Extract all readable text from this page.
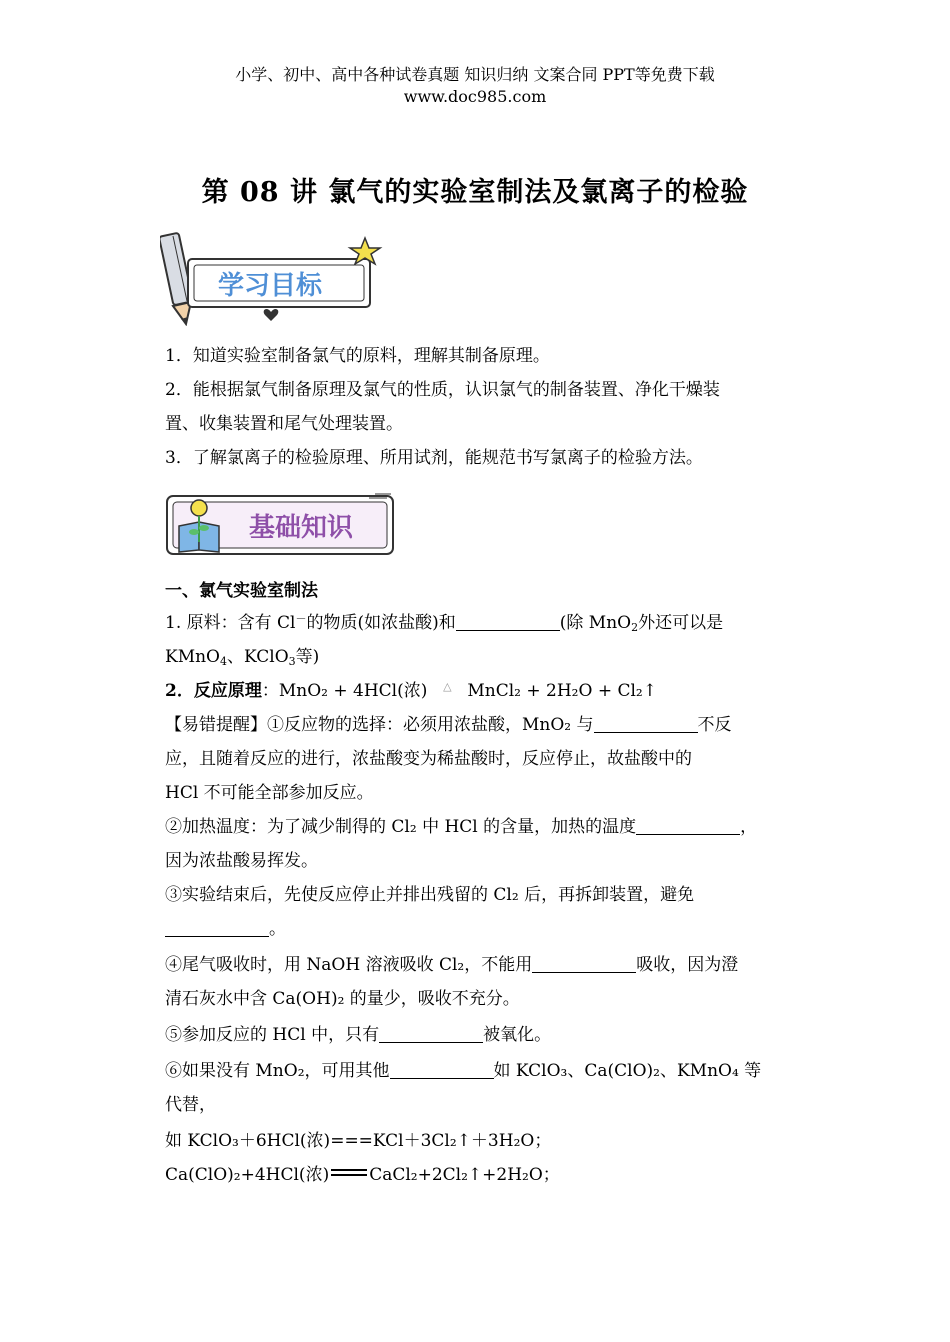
小学、初中、高中各种试卷真题 知识归纳 文案合同 PPT等免费下载
www.doc985.com
第 08 讲 氯气的实验室制法及氯离子的检验
学习目标
1．知道实验室制备氯气的原料，理解其制备原理。
2．能根据氯气制备原理及氯气的性质，认识氯气的制备装置、净化干燥装
置、收集装置和尾气处理装置。
3．了解氯离子的检验原理、所用试剂，能规范书写氯离子的检验方法。
基础知识
一、氯气实验室制法
1. 原料：含有 Cl－的物质(如浓盐酸)和	(除 MnO$_2$外还可以是
KMnO$_4$、KClO$_3$等)
2．反应原理：MnO₂ + 4HCl(浓) △ MnCl₂ + 2H₂O + Cl₂↑
【易错提醒】①反应物的选择：必须用浓盐酸，MnO₂ 与	不反
应，且随着反应的进行，浓盐酸变为稀盐酸时，反应停止，故盐酸中的
HCl 不可能全部参加反应。
②加热温度：为了减少制得的 Cl₂ 中 HCl 的含量，加热的温度	，
因为浓盐酸易挥发。
③实验结束后，先使反应停止并排出残留的 Cl₂ 后，再拆卸装置，避免
。
④尾气吸收时，用 NaOH 溶液吸收 Cl₂，不能用	吸收，因为澄
清石灰水中含 Ca(OH)₂ 的量少，吸收不充分。
⑤参加反应的 HCl 中，只有	被氧化。
⑥如果没有 MnO₂，可用其他	如 KClO₃、Ca(ClO)₂、KMnO₄ 等
代替，
如 KClO₃＋6HCl(浓)===KCl＋3Cl₂↑＋3H₂O；
Ca(ClO)₂+4HCl(浓) CaCl₂+2Cl₂↑+2H₂O；
